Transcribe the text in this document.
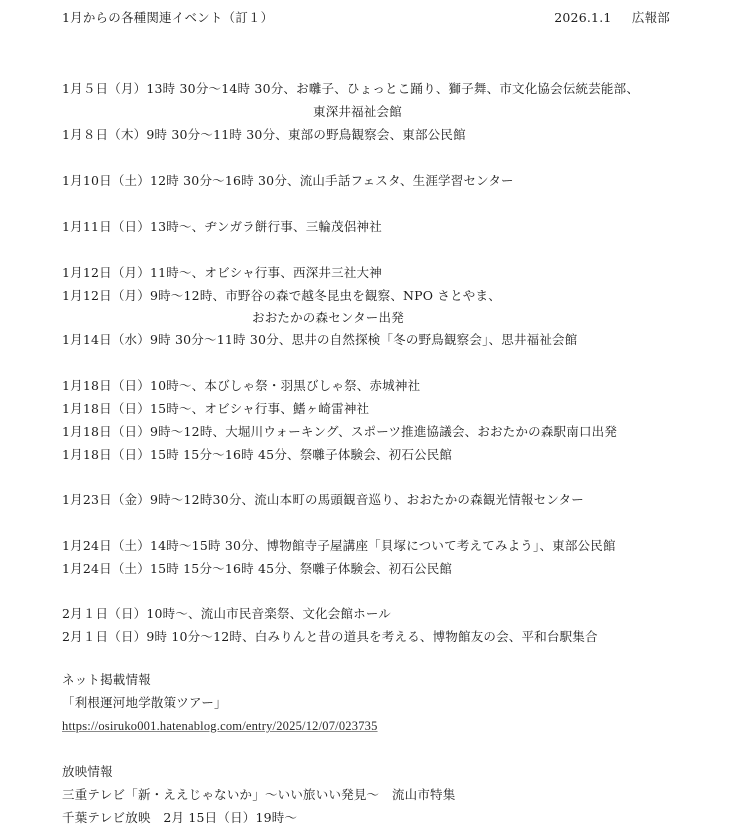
1月からの各種関連イベント（訂１）	2026.1.1 広報部
1月５日（月）13時 30分～14時 30分、お囃子、ひょっとこ踊り、獅子舞、市文化協会伝統芸能部、
東深井福祉会館
1月８日（木）9時 30分～11時 30分、東部の野鳥観察会、東部公民館
1月10日（土）12時 30分～16時 30分、流山手話フェスタ、生涯学習センター
1月11日（日）13時～、ヂンガラ餅行事、三輪茂侶神社
1月12日（月）11時～、オビシャ行事、西深井三社大神
1月12日（月）9時～12時、市野谷の森で越冬昆虫を観察、NPO さとやま、
おおたかの森センター出発
1月14日（水）9時 30分～11時 30分、思井の自然探検「冬の野鳥観察会」、思井福祉会館
1月18日（日）10時～、本びしゃ祭・羽黒びしゃ祭、赤城神社
1月18日（日）15時～、オビシャ行事、鰭ヶ崎雷神社
1月18日（日）9時～12時、大堀川ウォーキング、スポーツ推進協議会、おおたかの森駅南口出発
1月18日（日）15時 15分～16時 45分、祭囃子体験会、初石公民館
1月23日（金）9時～12時30分、流山本町の馬頭観音巡り、おおたかの森観光情報センター
1月24日（土）14時～15時 30分、博物館寺子屋講座「貝塚について考えてみよう」、東部公民館
1月24日（土）15時 15分～16時 45分、祭囃子体験会、初石公民館
2月１日（日）10時～、流山市民音楽祭、文化会館ホール
2月１日（日）9時 10分～12時、白みりんと昔の道具を考える、博物館友の会、平和台駅集合
ネット掲載情報
「利根運河地学散策ツアー」
https://osiruko001.hatenablog.com/entry/2025/12/07/023735
放映情報
三重テレビ「新・ええじゃないか」～いい旅いい発見～　流山市特集
千葉テレビ放映　2月 15日（日）19時～
